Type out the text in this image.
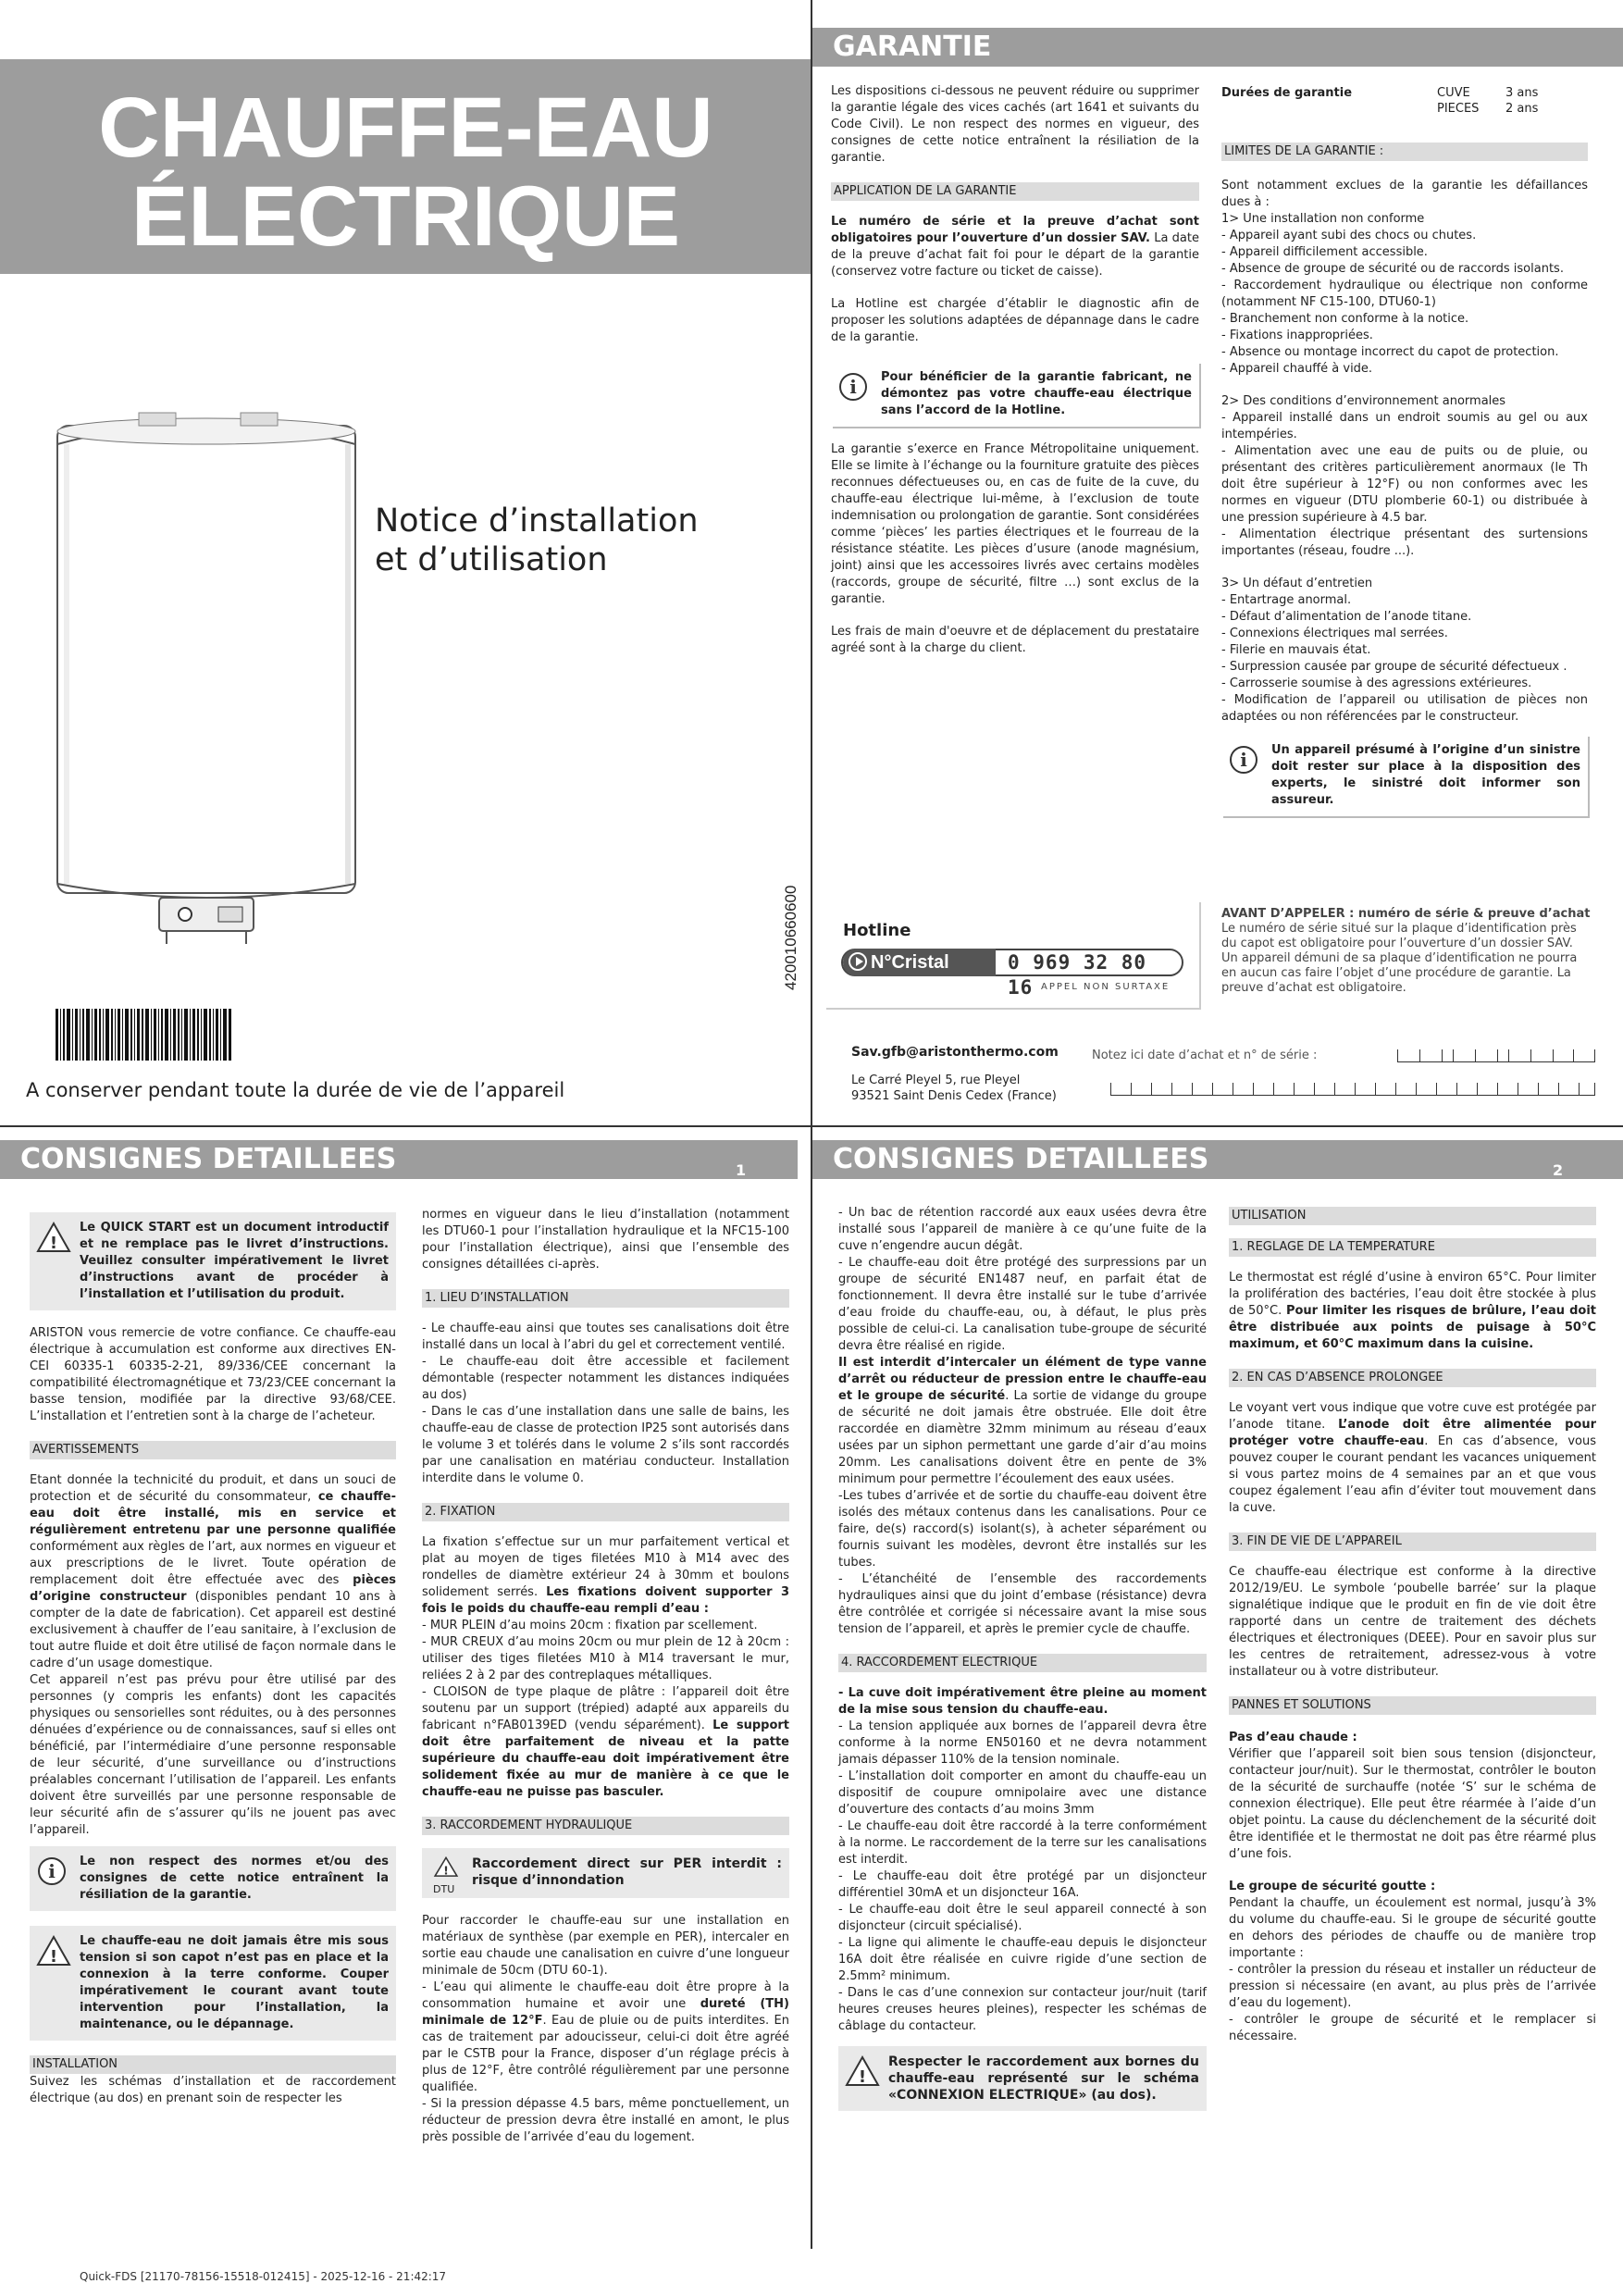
CHAUFFE-EAU
ÉLECTRIQUE
Notice d’installation
et d’utilisation
A conserver pendant toute la durée de vie de l’appareil
420010660600
GARANTIE

Les dispositions ci-dessous ne peuvent réduire ou supprimer la garantie légale des vices cachés (art 1641 et suivants du Code Civil). Le non respect des normes en vigueur, des consignes de cette notice entraînent la résiliation de la garantie.

APPLICATION DE LA GARANTIE

Le numéro de série et la preuve d’achat sont obligatoires pour l’ouverture d’un dossier SAV. La date de la preuve d’achat fait foi pour le départ de la garantie (conservez votre facture ou ticket de caisse).

La Hotline est chargée d’établir le diagnostic afin de proposer les solutions adaptées de dépannage dans le cadre de la garantie.

i Pour bénéficier de la garantie fabricant, ne démontez pas votre chauffe-eau électrique sans l’accord de la Hotline.

La garantie s’exerce en France Métropolitaine uniquement. Elle se limite à l’échange ou la fourniture gratuite des pièces reconnues défectueuses ou, en cas de fuite de la cuve, du chauffe-eau électrique lui-même, à l’exclusion de toute indemnisation ou prolongation de garantie. Sont considérées comme ‘pièces’ les parties électriques et le fourreau de la résistance stéatite. Les pièces d’usure (anode magnésium, joint) ainsi que les accessoires livrés avec certains modèles (raccords, groupe de sécurité, filtre …) sont exclus de la garantie.

Les frais de main d'oeuvre et de déplacement du prestataire agréé sont à la charge du client.

Durées de garantie	CUVE	3 ans
PIECES	2 ans
LIMITES DE LA GARANTIE :

Sont notamment exclues de la garantie les défaillances dues à :

1> Une installation non conforme
- Appareil ayant subi des chocs ou chutes.
- Appareil difficilement accessible.
- Absence de groupe de sécurité ou de raccords isolants.
- Raccordement hydraulique ou électrique non conforme (notamment NF C15-100, DTU60-1)
- Branchement non conforme à la notice.
- Fixations inappropriées.
- Absence ou montage incorrect du capot de protection.
- Appareil chauffé à vide.
2> Des conditions d’environnement anormales
- Appareil installé dans un endroit soumis au gel ou aux intempéries.
- Alimentation avec une eau de puits ou de pluie, ou présentant des critères particulièrement anormaux (le Th doit être supérieur à 12°F) ou non conformes avec les normes en vigueur (DTU plomberie 60-1) ou distribuée à une pression supérieure à 4.5 bar.
- Alimentation électrique présentant des surtensions importantes (réseau, foudre ...).
3> Un défaut d’entretien
- Entartrage anormal.
- Défaut d’alimentation de l’anode titane.
- Connexions électriques mal serrées.
- Filerie en mauvais état.
- Surpression causée par groupe de sécurité défectueux .
- Carrosserie soumise à des agressions extérieures.
- Modification de l’appareil ou utilisation de pièces non adaptées ou non référencées par le constructeur.
i Un appareil présumé à l’origine d’un sinistre doit rester sur place à la disposition des experts, le sinistré doit informer son assureur.
Hotline
N°Cristal	0 969 32 80 16 APPEL NON SURTAXE
AVANT D’APPELER : numéro de série & preuve d’achat
Le numéro de série situé sur la plaque d’identification près du capot est obligatoire pour l’ouverture d’un dossier SAV. Un appareil démuni de sa plaque d’identification ne pourra en aucun cas faire l’objet d’une procédure de garantie. La preuve d’achat est obligatoire.
Sav.gfb@aristonthermo.com
Le Carré Pleyel 5, rue Pleyel
93521 Saint Denis Cedex (France)
Notez ici date d’achat et n° de série :
CONSIGNES DETAILLEES	1
!
Le QUICK START est un document introductif et ne remplace pas le livret d’instructions. Veuillez consulter impérativement le livret d’instructions avant de procéder à l’installation et l’utilisation du produit.

ARISTON vous remercie de votre confiance. Ce chauffe-eau électrique à accumulation est conforme aux directives EN-CEI 60335-1 60335-2-21, 89/336/CEE concernant la compatibilité électromagnétique et 73/23/CEE concernant la basse tension, modifiée par la directive 93/68/CEE. L’installation et l’entretien sont à la charge de l’acheteur.

AVERTISSEMENTS

Etant donnée la technicité du produit, et dans un souci de protection et de sécurité du consommateur, ce chauffe-eau doit être installé, mis en service et régulièrement entretenu par une personne qualifiée conformément aux règles de l’art, aux normes en vigueur et aux prescriptions de le livret. Toute opération de remplacement doit être effectuée avec des pièces d’origine constructeur (disponibles pendant 10 ans à compter de la date de fabrication). Cet appareil est destiné exclusivement à chauffer de l’eau sanitaire, à l’exclusion de tout autre fluide et doit être utilisé de façon normale dans le cadre d’un usage domestique.

Cet appareil n’est pas prévu pour être utilisé par des personnes (y compris les enfants) dont les capacités physiques ou sensorielles sont réduites, ou à des personnes dénuées d’expérience ou de connaissances, sauf si elles ont bénéficié, par l’intermédiaire d’une personne responsable de leur sécurité, d’une surveillance ou d’instructions préalables concernant l’utilisation de l’appareil. Les enfants doivent être surveillés par une personne responsable de leur sécurité afin de s’assurer qu’ils ne jouent pas avec l’appareil.

i Le non respect des normes et/ou des consignes de cette notice entraînent la résiliation de la garantie.
!
Le chauffe-eau ne doit jamais être mis sous tension si son capot n’est pas en place et la connexion à la terre conforme. Couper impérativement le courant avant toute intervention pour l’installation, la maintenance, ou le dépannage.
INSTALLATION

Suivez les schémas d’installation et de raccordement électrique (au dos) en prenant soin de respecter les

normes en vigueur dans le lieu d’installation (notamment les DTU60-1 pour l’installation hydraulique et la NFC15-100 pour l’installation électrique), ainsi que l’ensemble des consignes détaillées ci-après.

1. LIEU D’INSTALLATION

- Le chauffe-eau ainsi que toutes ses canalisations doit être installé dans un local à l’abri du gel et correctement ventilé.

- Le chauffe-eau doit être accessible et facilement démontable (respecter notamment les distances indiquées au dos)

- Dans le cas d’une installation dans une salle de bains, les chauffe-eau de classe de protection IP25 sont autorisés dans le volume 3 et tolérés dans le volume 2 s’ils sont raccordés par une canalisation en matériau conducteur. Installation interdite dans le volume 0.

2. FIXATION

La fixation s’effectue sur un mur parfaitement vertical et plat au moyen de tiges filetées M10 à M14 avec des rondelles de diamètre extérieur 24 à 30mm et boulons solidement serrés. Les fixations doivent supporter 3 fois le poids du chauffe-eau rempli d’eau :

- MUR PLEIN d’au moins 20cm : fixation par scellement.

- MUR CREUX d’au moins 20cm ou mur plein de 12 à 20cm : utiliser des tiges filetées M10 à M14 traversant le mur, reliées 2 à 2 par des contreplaques métalliques.

- CLOISON de type plaque de plâtre : l’appareil doit être soutenu par un support (trépied) adapté aux appareils du fabricant n°FAB0139ED (vendu séparément). Le support doit être parfaitement de niveau et la patte supérieure du chauffe-eau doit impérativement être solidement fixée au mur de manière à ce que le chauffe-eau ne puisse pas basculer.

3. RACCORDEMENT HYDRAULIQUE
!
DTU
Raccordement direct sur PER interdit : risque d’innondation

Pour raccorder le chauffe-eau sur une installation en matériaux de synthèse (par exemple en PER), intercaler en sortie eau chaude une canalisation en cuivre d’une longueur minimale de 50cm (DTU 60-1).

- L’eau qui alimente le chauffe-eau doit être propre à la consommation humaine et avoir une dureté (TH) minimale de 12°F. Eau de pluie ou de puits interdites. En cas de traitement par adoucisseur, celui-ci doit être agréé par le CSTB pour la France, disposer d’un réglage précis à plus de 12°F, être contrôlé régulièrement par une personne qualifiée.

- Si la pression dépasse 4.5 bars, même ponctuellement, un réducteur de pression devra être installé en amont, le plus près possible de l’arrivée d’eau du logement.

CONSIGNES DETAILLEES	2

- Un bac de rétention raccordé aux eaux usées devra être installé sous l’appareil de manière à ce qu’une fuite de la cuve n’engendre aucun dégât.

- Le chauffe-eau doit être protégé des surpressions par un groupe de sécurité EN1487 neuf, en parfait état de fonctionnement. Il devra être installé sur le tube d’arrivée d’eau froide du chauffe-eau, ou, à défaut, le plus près possible de celui-ci. La canalisation tube-groupe de sécurité devra être réalisé en rigide.

Il est interdit d’intercaler un élément de type vanne d’arrêt ou réducteur de pression entre le chauffe-eau et le groupe de sécurité. La sortie de vidange du groupe de sécurité ne doit jamais être obstruée. Elle doit être raccordée en diamètre 32mm minimum au réseau d’eaux usées par un siphon permettant une garde d’air d’au moins 20mm. Les canalisations doivent être en pente de 3% minimum pour permettre l’écoulement des eaux usées.

-Les tubes d’arrivée et de sortie du chauffe-eau doivent être isolés des métaux contenus dans les canalisations. Pour ce faire, de(s) raccord(s) isolant(s), à acheter séparément ou fournis suivant les modèles, devront être installés sur les tubes.

- L’étanchéité de l’ensemble des raccordements hydrauliques ainsi que du joint d’embase (résistance) devra être contrôlée et corrigée si nécessaire avant la mise sous tension de l’appareil, et après le premier cycle de chauffe.

4. RACCORDEMENT ELECTRIQUE

- La cuve doit impérativement être pleine au moment de la mise sous tension du chauffe-eau.

- La tension appliquée aux bornes de l’appareil devra être conforme à la norme EN50160 et ne devra notamment jamais dépasser 110% de la tension nominale.

- L’installation doit comporter en amont du chauffe-eau un dispositif de coupure omnipolaire avec une distance d’ouverture des contacts d’au moins 3mm

- Le chauffe-eau doit être raccordé à la terre conformément à la norme. Le raccordement de la terre sur les canalisations est interdit.

- Le chauffe-eau doit être protégé par un disjoncteur différentiel 30mA et un disjoncteur 16A.

- Le chauffe-eau doit être le seul appareil connecté à son disjoncteur (circuit spécialisé).

- La ligne qui alimente le chauffe-eau depuis le disjoncteur 16A doit être réalisée en cuivre rigide d’une section de 2.5mm² minimum.

- Dans le cas d’une connexion sur contacteur jour/nuit (tarif heures creuses heures pleines), respecter les schémas de câblage du contacteur.

!
Respecter le raccordement aux bornes du chauffe-eau représenté sur le schéma «CONNEXION ELECTRIQUE» (au dos).
UTILISATION
1. REGLAGE DE LA TEMPERATURE

Le thermostat est réglé d’usine à environ 65°C. Pour limiter la prolifération des bactéries, l’eau doit être stockée à plus de 50°C. Pour limiter les risques de brûlure, l’eau doit être distribuée aux points de puisage à 50°C maximum, et 60°C maximum dans la cuisine.

2. EN CAS D’ABSENCE PROLONGEE

Le voyant vert vous indique que votre cuve est protégée par l’anode titane. L’anode doit être alimentée pour protéger votre chauffe-eau. En cas d’absence, vous pouvez couper le courant pendant les vacances uniquement si vous partez moins de 4 semaines par an et que vous coupez également l’eau afin d’éviter tout mouvement dans la cuve.

3. FIN DE VIE DE L’APPAREIL

Ce chauffe-eau électrique est conforme à la directive 2012/19/EU. Le symbole ‘poubelle barrée’ sur la plaque signalétique indique que le produit en fin de vie doit être rapporté dans un centre de traitement des déchets électriques et électroniques (DEEE). Pour en savoir plus sur les centres de retraitement, adressez-vous à votre installateur ou à votre distributeur.

PANNES ET SOLUTIONS

Pas d’eau chaude :

Vérifier que l’appareil soit bien sous tension (disjoncteur, contacteur jour/nuit). Sur le thermostat, contrôler le bouton de la sécurité de surchauffe (notée ‘S’ sur le schéma de connexion électrique). Elle peut être réarmée à l’aide d’un objet pointu. La cause du déclenchement de la sécurité doit être identifiée et le thermostat ne doit pas être réarmé plus d’une fois.

Le groupe de sécurité goutte :

Pendant la chauffe, un écoulement est normal, jusqu’à 3% du volume du chauffe-eau. Si le groupe de sécurité goutte en dehors des périodes de chauffe ou de manière trop importante :

- contrôler la pression du réseau et installer un réducteur de pression si nécessaire (en avant, au plus près de l’arrivée d’eau du logement).

- contrôler le groupe de sécurité et le remplacer si nécessaire.

Quick-FDS [21170-78156-15518-012415] - 2025-12-16 - 21:42:17
